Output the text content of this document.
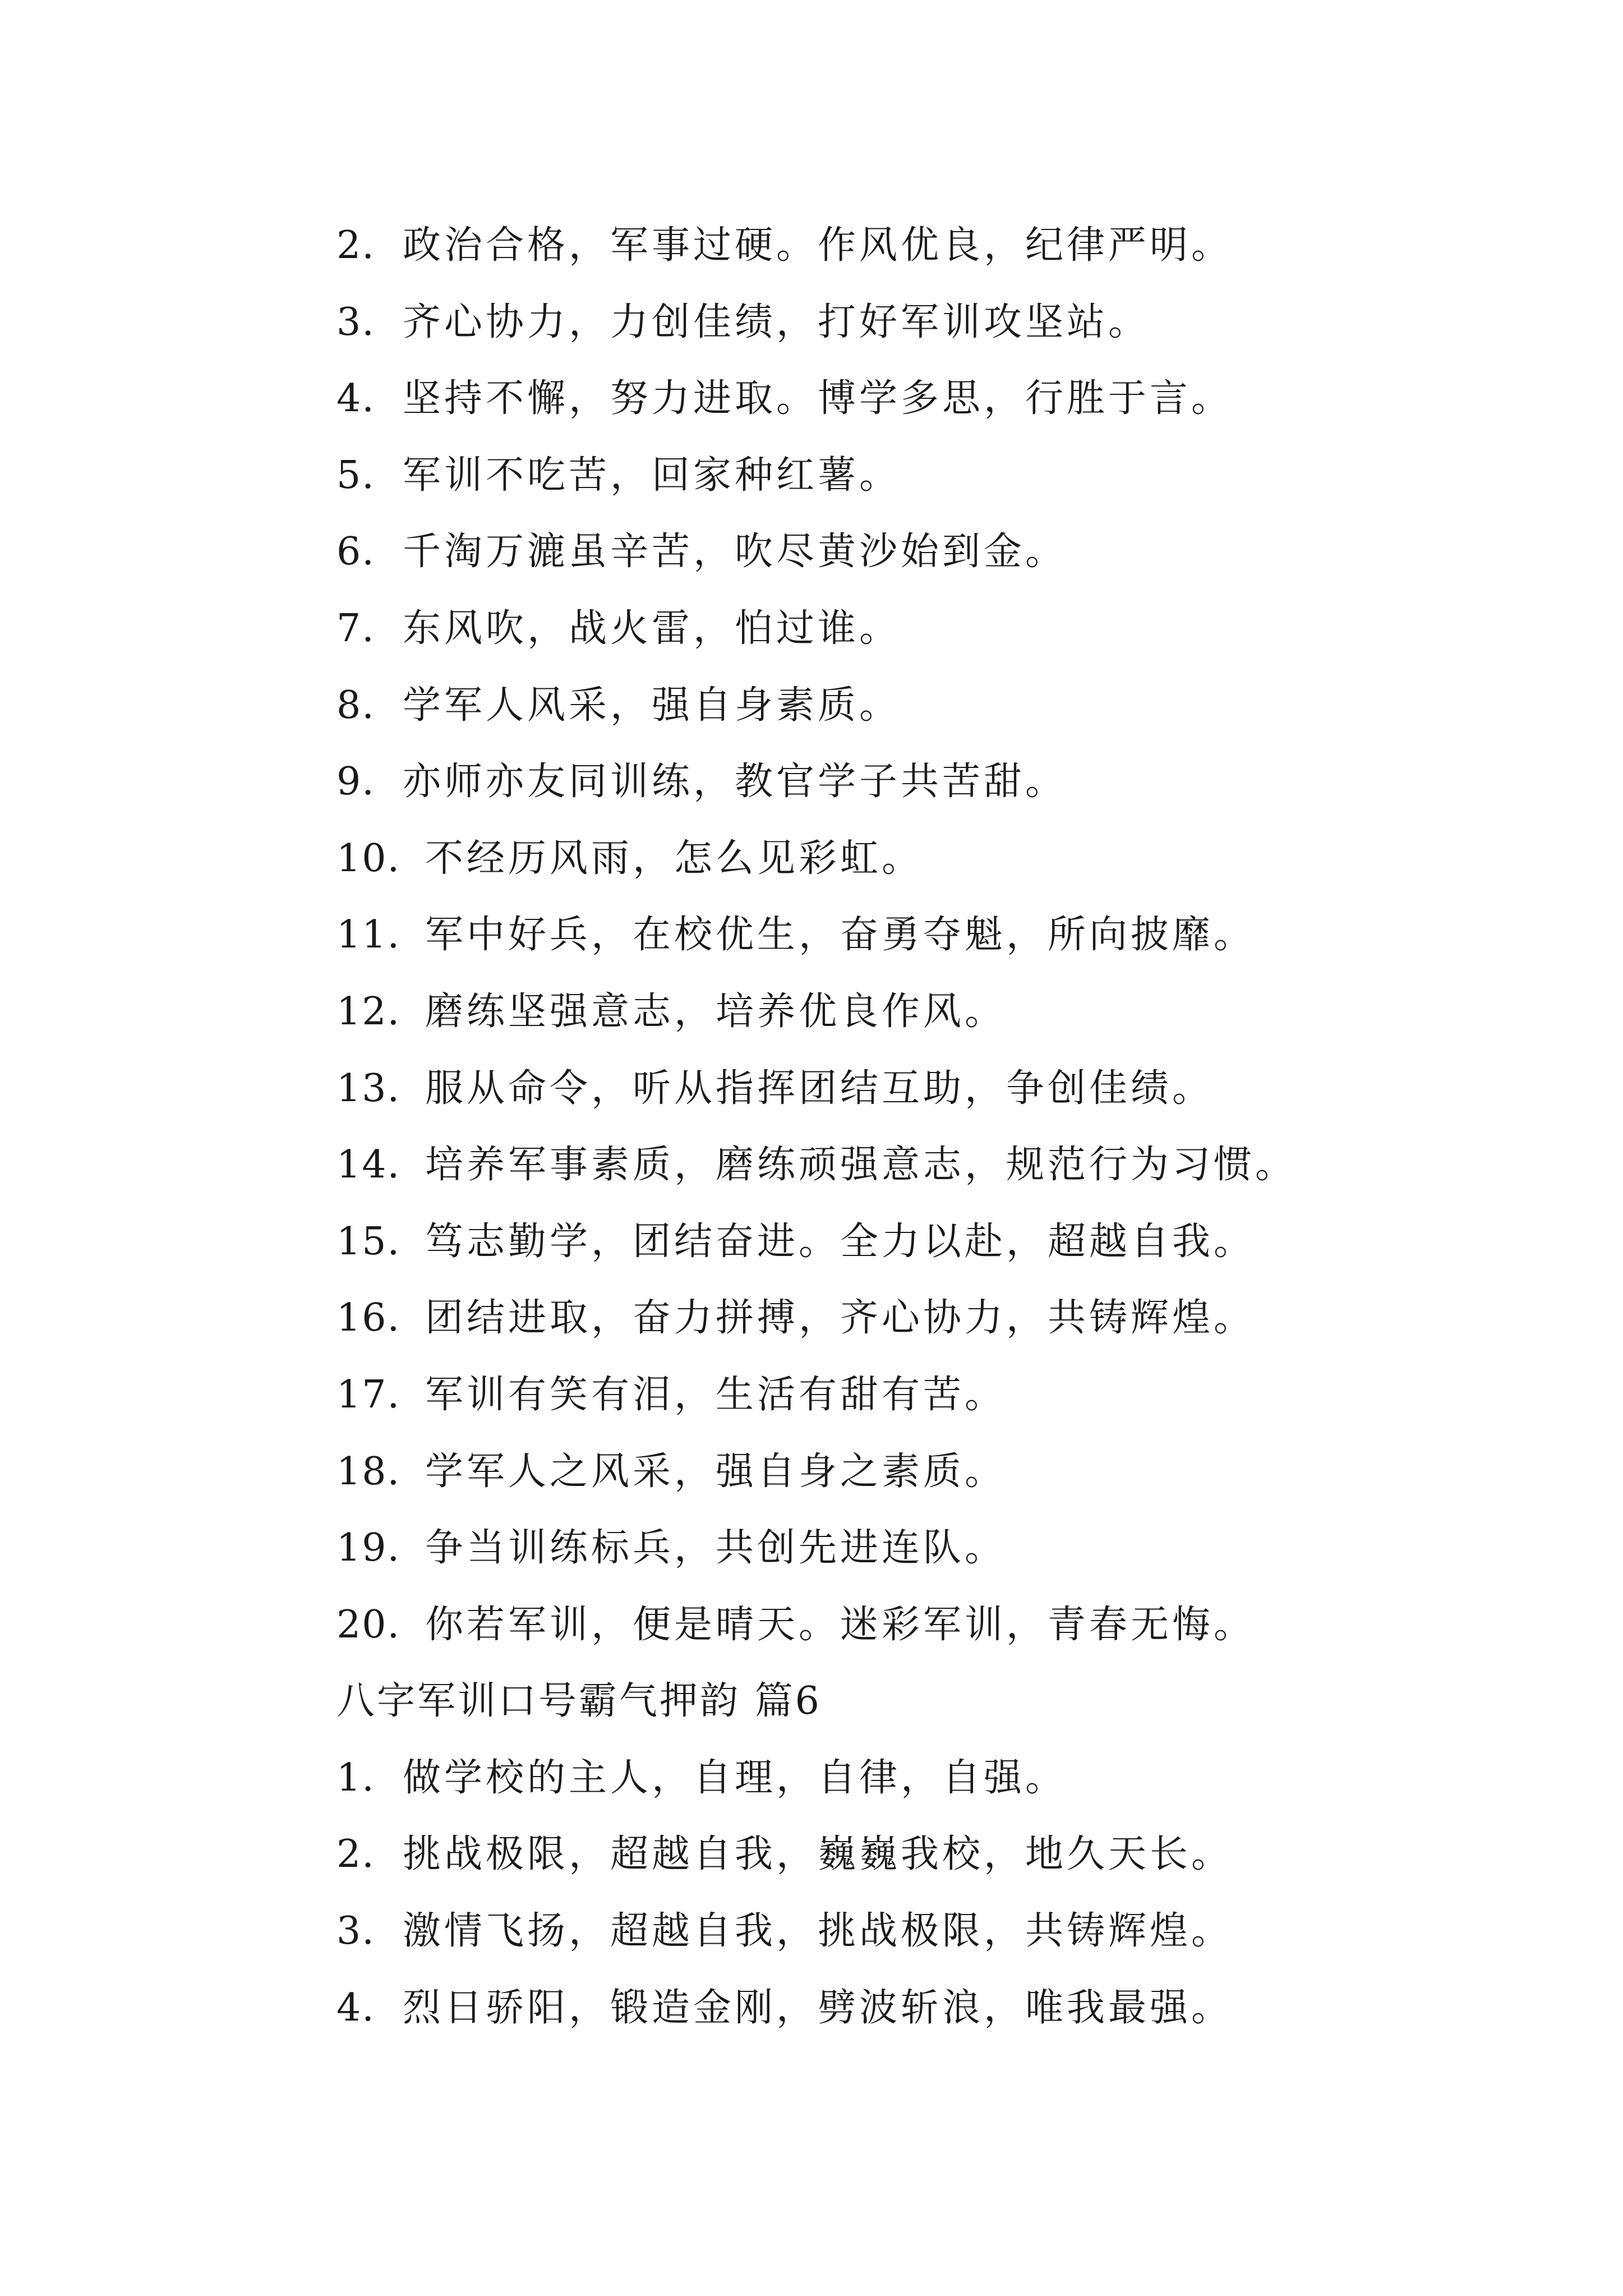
2. 政治合格，军事过硬。作风优良，纪律严明。
3. 齐心协力，力创佳绩，打好军训攻坚站。
4. 坚持不懈，努力进取。博学多思，行胜于言。
5. 军训不吃苦，回家种红薯。
6. 千淘万漉虽辛苦，吹尽黄沙始到金。
7. 东风吹，战火雷，怕过谁。
8. 学军人风采，强自身素质。
9. 亦师亦友同训练，教官学子共苦甜。
10. 不经历风雨，怎么见彩虹。
11. 军中好兵，在校优生，奋勇夺魁，所向披靡。
12. 磨练坚强意志，培养优良作风。
13. 服从命令，听从指挥团结互助，争创佳绩。
14. 培养军事素质，磨练顽强意志，规范行为习惯。
15. 笃志勤学，团结奋进。全力以赴，超越自我。
16. 团结进取，奋力拼搏，齐心协力，共铸辉煌。
17. 军训有笑有泪，生活有甜有苦。
18. 学军人之风采，强自身之素质。
19. 争当训练标兵，共创先进连队。
20. 你若军训，便是晴天。迷彩军训，青春无悔。
八字军训口号霸气押韵 篇6
1. 做学校的主人，自理，自律，自强。
2. 挑战极限，超越自我，巍巍我校，地久天长。
3. 激情飞扬，超越自我，挑战极限，共铸辉煌。
4. 烈日骄阳，锻造金刚，劈波斩浪，唯我最强。
